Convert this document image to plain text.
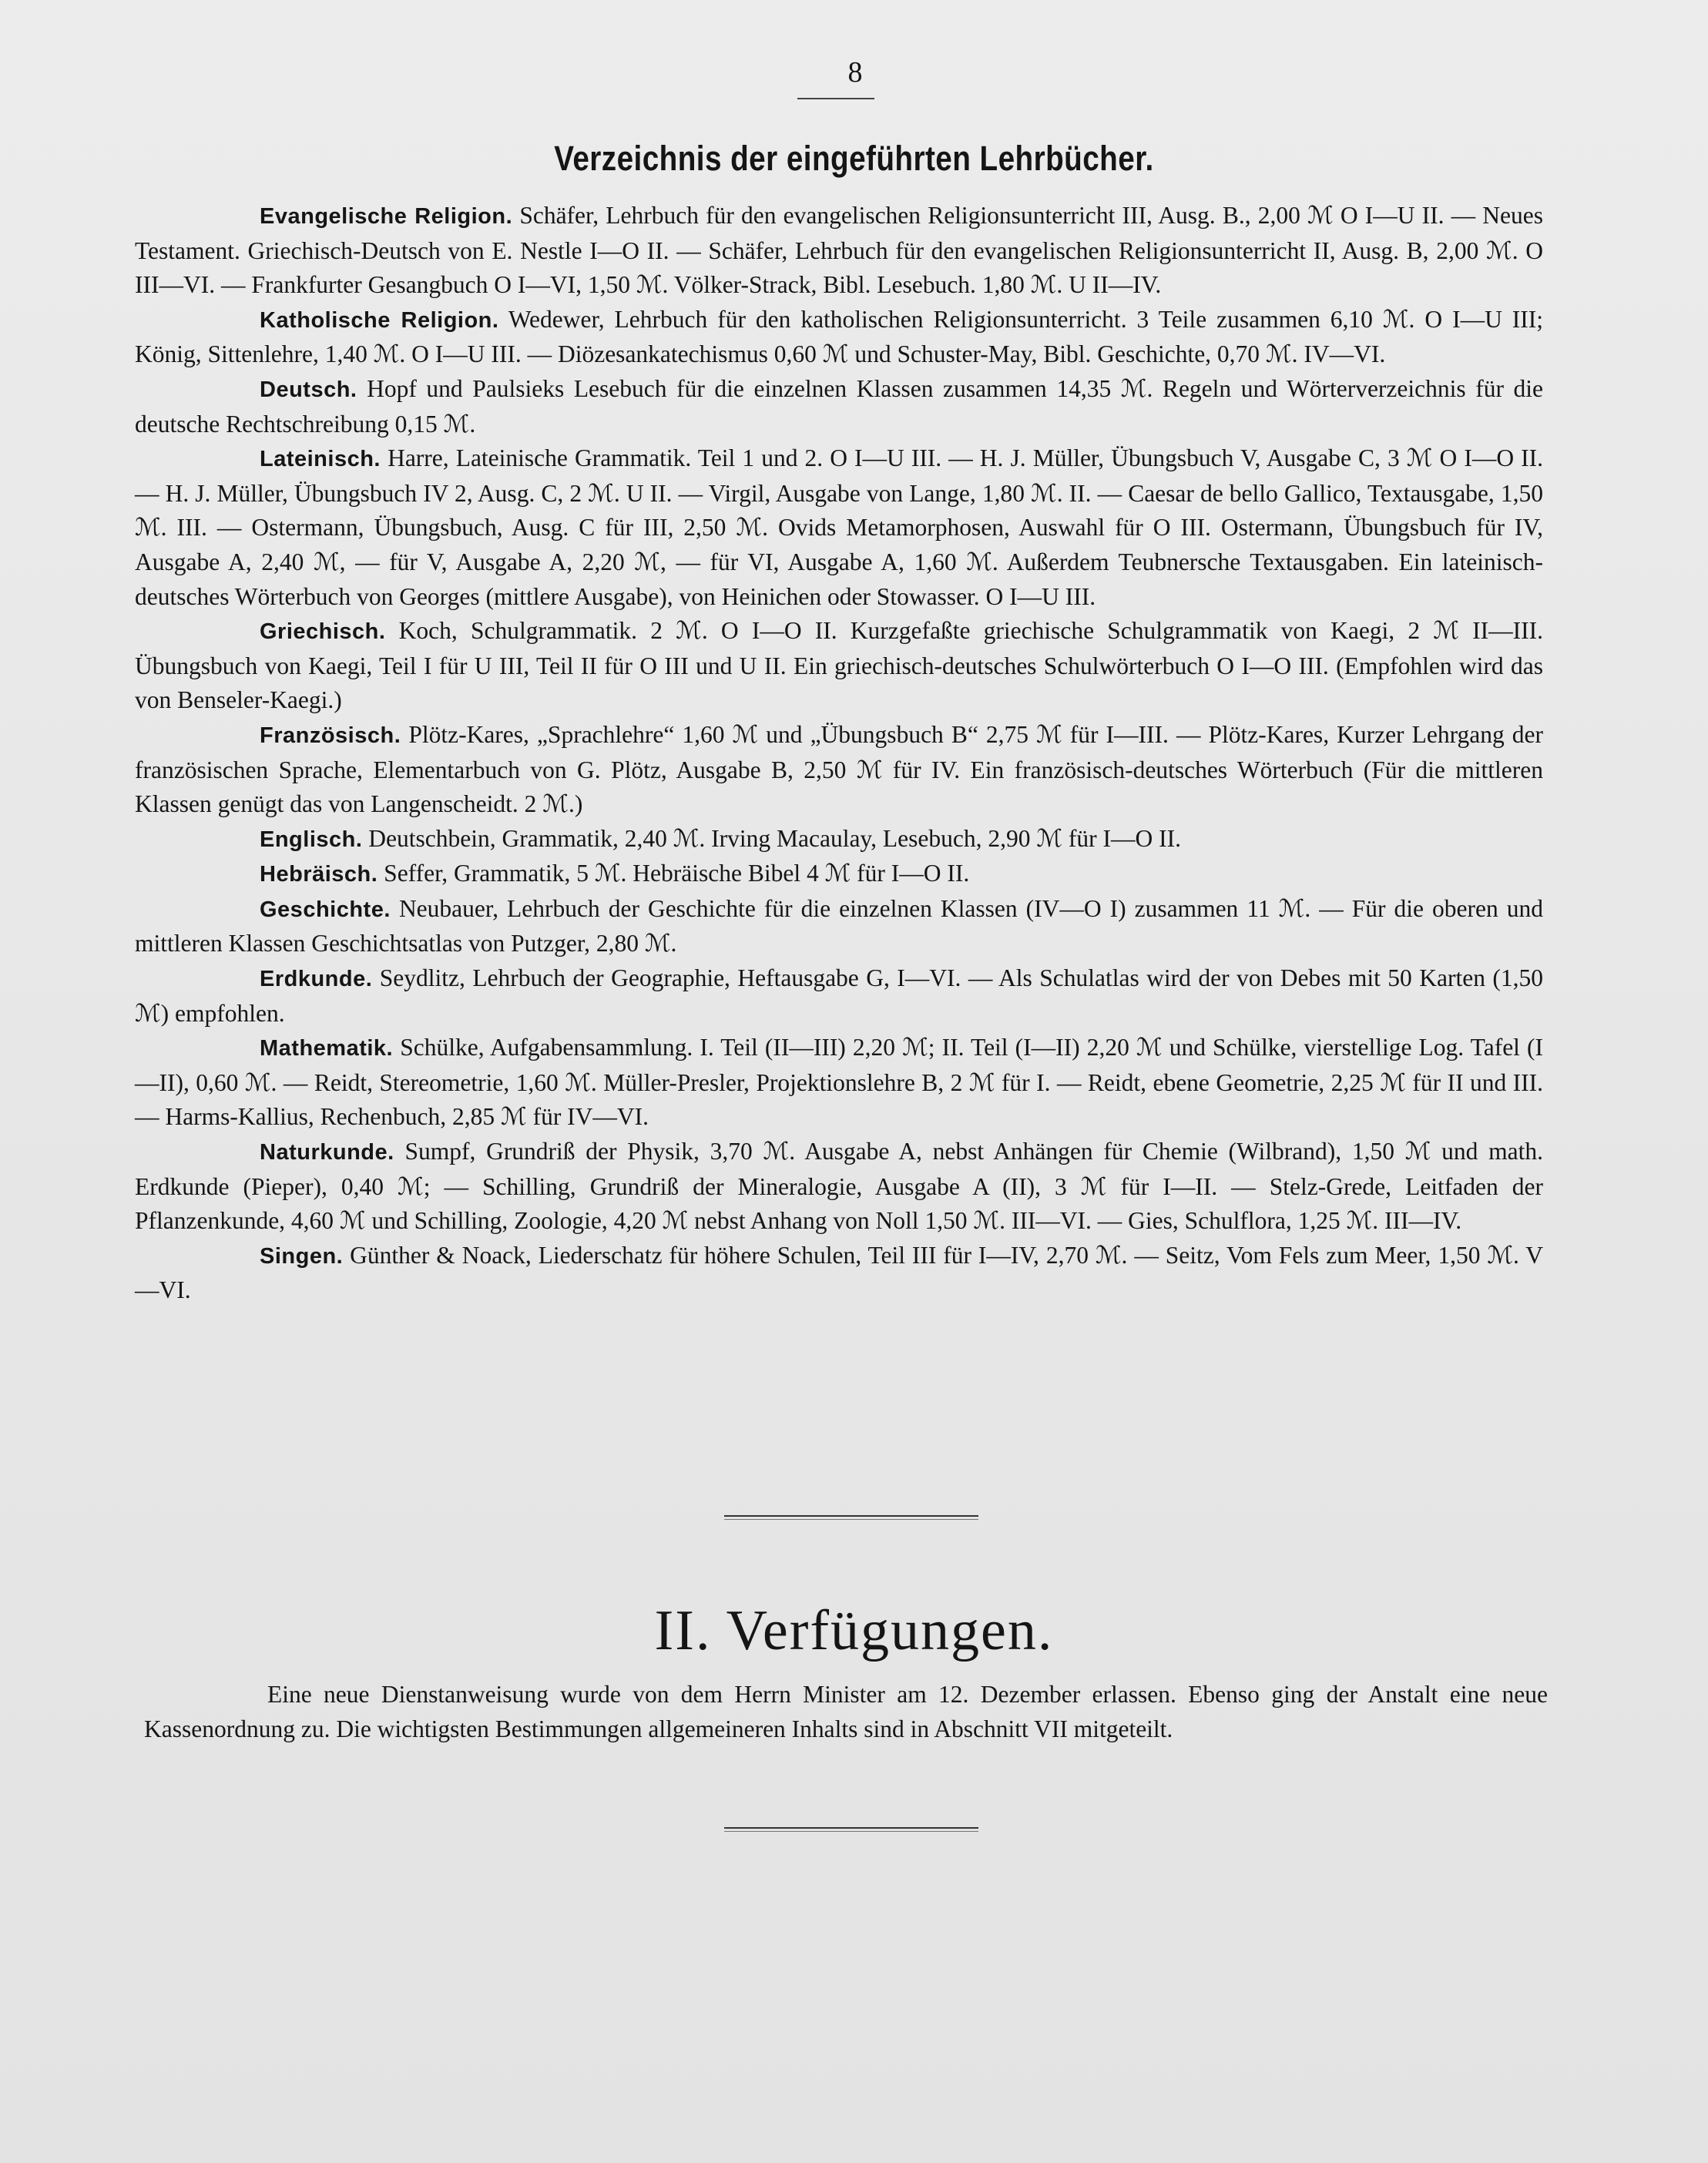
8
Verzeichnis der eingeführten Lehrbücher.

Evangelische Religion. Schäfer, Lehrbuch für den evangelischen Religionsunterricht III, Ausg. B., 2,00 ℳ O I—U II. — Neues Testament. Griechisch-Deutsch von E. Nestle I—O II. — Schäfer, Lehrbuch für den evangelischen Religionsunterricht II, Ausg. B, 2,00 ℳ. O III—VI. — Frankfurter Gesangbuch O I—VI, 1,50 ℳ. Völker-Strack, Bibl. Lesebuch. 1,80 ℳ. U II—IV.

Katholische Religion. Wedewer, Lehrbuch für den katholischen Religionsunterricht. 3 Teile zusammen 6,10 ℳ. O I—U III; König, Sittenlehre, 1,40 ℳ. O I—U III. — Diözesankatechismus 0,60 ℳ und Schuster-May, Bibl. Geschichte, 0,70 ℳ. IV—VI.

Deutsch. Hopf und Paulsieks Lesebuch für die einzelnen Klassen zusammen 14,35 ℳ. Regeln und Wörterverzeichnis für die deutsche Rechtschreibung 0,15 ℳ.

Lateinisch. Harre, Lateinische Grammatik. Teil 1 und 2. O I—U III. — H. J. Müller, Übungsbuch V, Ausgabe C, 3 ℳ O I—O II. — H. J. Müller, Übungsbuch IV 2, Ausg. C, 2 ℳ. U II. — Virgil, Ausgabe von Lange, 1,80 ℳ. II. — Caesar de bello Gallico, Textausgabe, 1,50 ℳ. III. — Ostermann, Übungsbuch, Ausg. C für III, 2,50 ℳ. Ovids Metamorphosen, Auswahl für O III. Ostermann, Übungsbuch für IV, Ausgabe A, 2,40 ℳ, — für V, Ausgabe A, 2,20 ℳ, — für VI, Ausgabe A, 1,60 ℳ. Außerdem Teubnersche Textausgaben. Ein lateinisch-deutsches Wörterbuch von Georges (mittlere Ausgabe), von Heinichen oder Stowasser. O I—U III.

Griechisch. Koch, Schulgrammatik. 2 ℳ. O I—O II. Kurzgefaßte griechische Schulgrammatik von Kaegi, 2 ℳ II—III. Übungsbuch von Kaegi, Teil I für U III, Teil II für O III und U II. Ein griechisch-deutsches Schulwörterbuch O I—O III. (Empfohlen wird das von Benseler-Kaegi.)

Französisch. Plötz-Kares, „Sprachlehre“ 1,60 ℳ und „Übungsbuch B“ 2,75 ℳ für I—III. — Plötz-Kares, Kurzer Lehrgang der französischen Sprache, Elementarbuch von G. Plötz, Ausgabe B, 2,50 ℳ für IV. Ein französisch-deutsches Wörterbuch (Für die mittleren Klassen genügt das von Langenscheidt. 2 ℳ.)

Englisch. Deutschbein, Grammatik, 2,40 ℳ. Irving Macaulay, Lesebuch, 2,90 ℳ für I—O II.

Hebräisch. Seffer, Grammatik, 5 ℳ. Hebräische Bibel 4 ℳ für I—O II.

Geschichte. Neubauer, Lehrbuch der Geschichte für die einzelnen Klassen (IV—O I) zusammen 11 ℳ. — Für die oberen und mittleren Klassen Geschichtsatlas von Putzger, 2,80 ℳ.

Erdkunde. Seydlitz, Lehrbuch der Geographie, Heftausgabe G, I—VI. — Als Schulatlas wird der von Debes mit 50 Karten (1,50 ℳ) empfohlen.

Mathematik. Schülke, Aufgabensammlung. I. Teil (II—III) 2,20 ℳ; II. Teil (I—II) 2,20 ℳ und Schülke, vierstellige Log. Tafel (I—II), 0,60 ℳ. — Reidt, Stereometrie, 1,60 ℳ. Müller-Presler, Projektionslehre B, 2 ℳ für I. — Reidt, ebene Geometrie, 2,25 ℳ für II und III. — Harms-Kallius, Rechenbuch, 2,85 ℳ für IV—VI.

Naturkunde. Sumpf, Grundriß der Physik, 3,70 ℳ. Ausgabe A, nebst Anhängen für Chemie (Wilbrand), 1,50 ℳ und math. Erdkunde (Pieper), 0,40 ℳ; — Schilling, Grundriß der Mineralogie, Ausgabe A (II), 3 ℳ für I—II. — Stelz-Grede, Leitfaden der Pflanzenkunde, 4,60 ℳ und Schilling, Zoologie, 4,20 ℳ nebst Anhang von Noll 1,50 ℳ. III—VI. — Gies, Schulflora, 1,25 ℳ. III—IV.

Singen. Günther & Noack, Liederschatz für höhere Schulen, Teil III für I—IV, 2,70 ℳ. — Seitz, Vom Fels zum Meer, 1,50 ℳ. V—VI.

II. Verfügungen.

Eine neue Dienstanweisung wurde von dem Herrn Minister am 12. Dezember erlassen. Ebenso ging der Anstalt eine neue Kassenordnung zu. Die wichtigsten Bestimmungen allgemeineren Inhalts sind in Abschnitt VII mitgeteilt.
